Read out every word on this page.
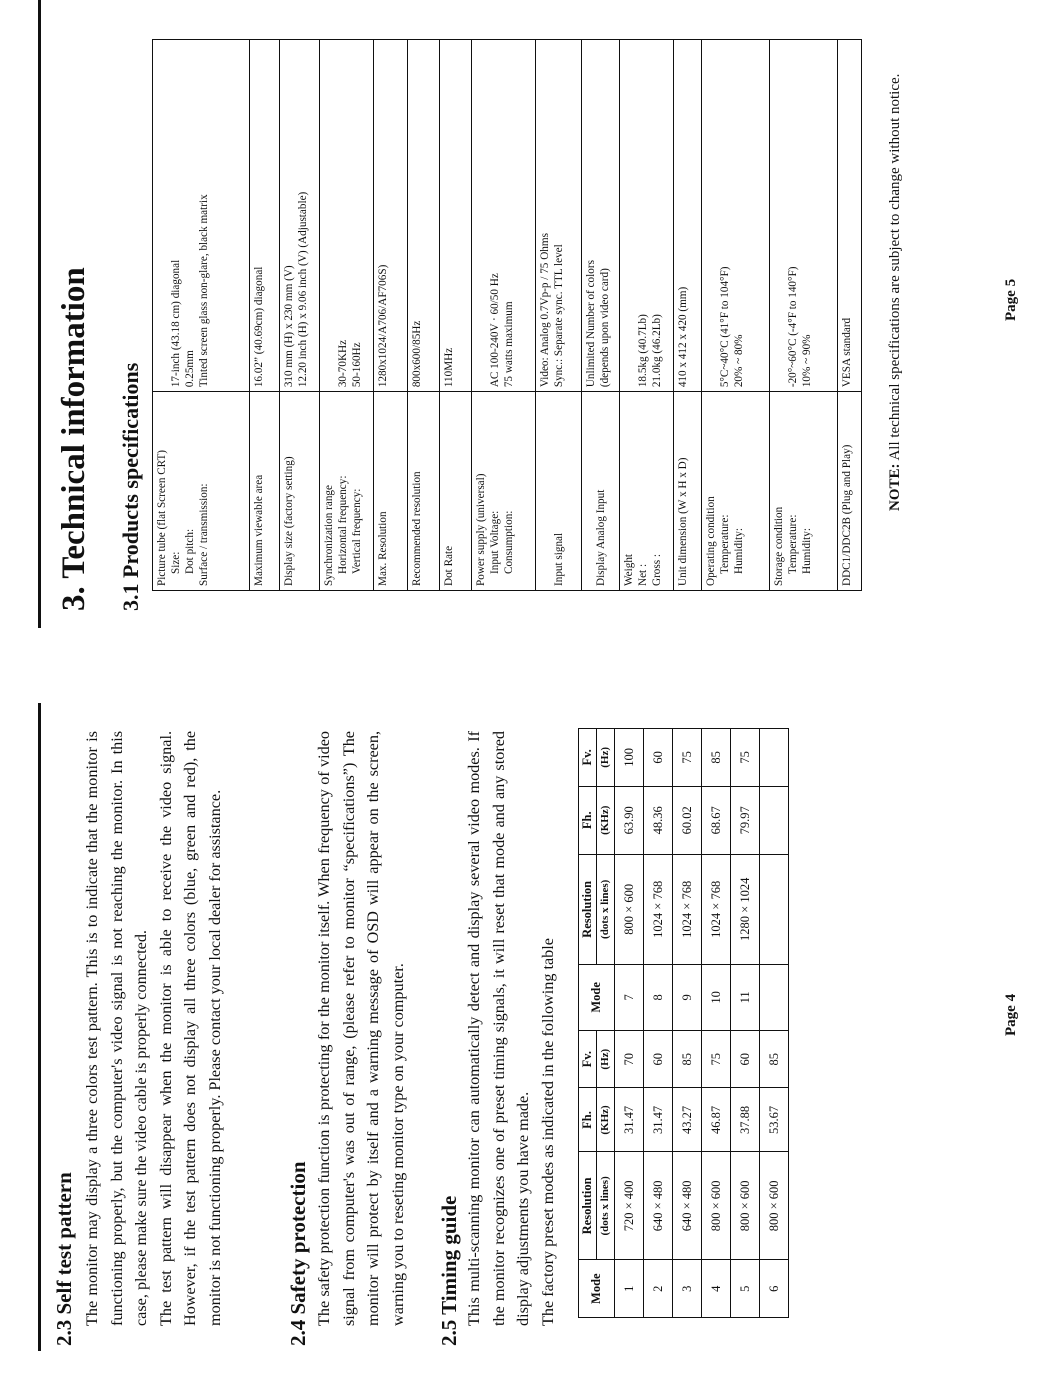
2.3 Self test pattern The monitor may display a three colors test pattern. This is to indicate that the monitor is functioning properly, but the computer's video signal is not reaching the monitor. In this case, please make sure the video cable is properly connected. The test pattern will disappear when the monitor is able to receive the video signal. However, if the test pattern does not display all three colors (blue, green and red), the monitor is not functioning properly. Please contact your local dealer for assistance.	2.4 Safety protection The safety protection function is protecting for the monitor itself. When frequency of video signal from computer's was out of range, (please refer to monitor “specifications”) The monitor will protect by itself and a warning message of OSD will appear on the screen, warning you to reseting monitor type on your computer. 2.5 Timing guide This multi-scanning monitor can automatically detect and display several video modes. If the monitor recognizes one of preset timing signals, it will reset that mode and any stored display adjustments you have made. The factory preset modes as indicated in the following table	Mode	Resolution	Fh.	Fv.	Mode	Resolution	Fh.	Fv.
	(dots x lines)	(KHz)	(Hz)		(dots x lines)	(KHz)	(Hz)
1	720 × 400	31.47	70	7	800 × 600	63.90	100
2	640 × 480	31.47	60	8	1024 × 768	48.36	60
3	640 × 480	43.27	85	9	1024 × 768	60.02	75
4	800 × 600	46.87	75	10	1024 × 768	68.67	85
5	800 × 600	37.88	60	11	1280 × 1024	79.97	75
6	800 × 600	53.67	85				
Page 4
3. Technical information 3.1 Products specifications Picture tube (flat Screen CRT) Size: Dot pitch: Surface / transmission:	17-inch (43.18 cm) diagonal 0.25mm Tinted screen glass non-glare, black matrix

Maximum viewable area	16.02” (40.69cm) diagonal
Display size (factory setting)	310 mm (H) x 230 mm (V) 12.20 inch (H) x 9.06 inch (V) (Adjustable)

Synchronization range Horizontal frequency: Vertical frequency:	30-70KHz 50-160Hz

Max. Resolution	1280x1024/A706/AF706S)
Recommended resolution	800x600/85Hz
Dot Rate	110MHz
Power supply (universal) Input Voltage: Consumption:	AC 100-240V ‧ 60/50 Hz 75 watts maximum

Input signal	Video: Analog 0.7Vp-p / 75 Ohms Sync.: Separate sync. TTL level

Display Analog Input	Unlimited Number of colors (depends upon video card)

Weight Net : Gross :	18.5kg (40.7Lb) 21.0kg (46.2Lb)

Unit dimension (W x H x D)	410 x 412 x 420 (mm)
Operating condition Temperature: Humidity:	5°C~40°C (41°F to 104°F) 20% ~ 80%

Storage condition Temperature: Humidity:	-20°~60°C (-4°F to 140°F) 10% ~ 90%

DDC1/DDC2B (Plug and Play)	VESA standard
NOTE: All technical specifications are subject to change without notice.	Page 5
